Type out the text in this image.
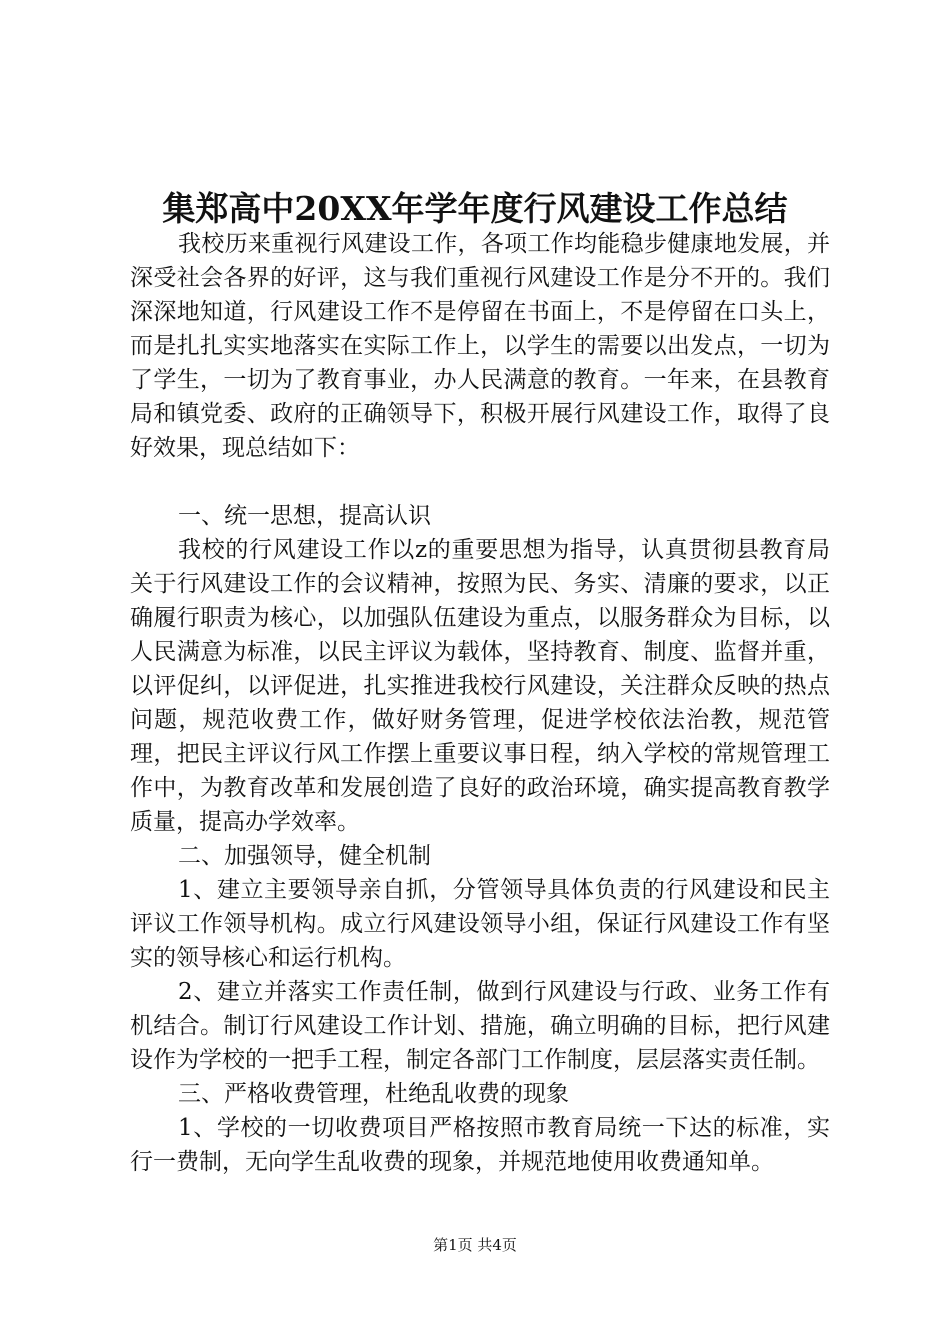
集郑高中20XX年学年度行风建设工作总结

我校历来重视行风建设工作，各项工作均能稳步健康地发展，并深受社会各界的好评，这与我们重视行风建设工作是分不开的。我们深深地知道，行风建设工作不是停留在书面上，不是停留在口头上，而是扎扎实实地落实在实际工作上，以学生的需要以出发点，一切为了学生，一切为了教育事业，办人民满意的教育。一年来，在县教育局和镇党委、政府的正确领导下，积极开展行风建设工作，取得了良好效果，现总结如下：

一、统一思想，提高认识

我校的行风建设工作以z的重要思想为指导，认真贯彻县教育局关于行风建设工作的会议精神，按照为民、务实、清廉的要求，以正确履行职责为核心，以加强队伍建设为重点，以服务群众为目标，以人民满意为标准，以民主评议为载体，坚持教育、制度、监督并重，以评促纠，以评促进，扎实推进我校行风建设，关注群众反映的热点问题，规范收费工作，做好财务管理，促进学校依法治教，规范管理，把民主评议行风工作摆上重要议事日程，纳入学校的常规管理工作中，为教育改革和发展创造了良好的政治环境，确实提高教育教学质量，提高办学效率。

二、加强领导，健全机制

1、建立主要领导亲自抓，分管领导具体负责的行风建设和民主评议工作领导机构。成立行风建设领导小组，保证行风建设工作有坚实的领导核心和运行机构。

2、建立并落实工作责任制，做到行风建设与行政、业务工作有机结合。制订行风建设工作计划、措施，确立明确的目标，把行风建设作为学校的一把手工程，制定各部门工作制度，层层落实责任制。

三、严格收费管理，杜绝乱收费的现象

1、学校的一切收费项目严格按照市教育局统一下达的标准，实行一费制，无向学生乱收费的现象，并规范地使用收费通知单。

第1页 共4页
